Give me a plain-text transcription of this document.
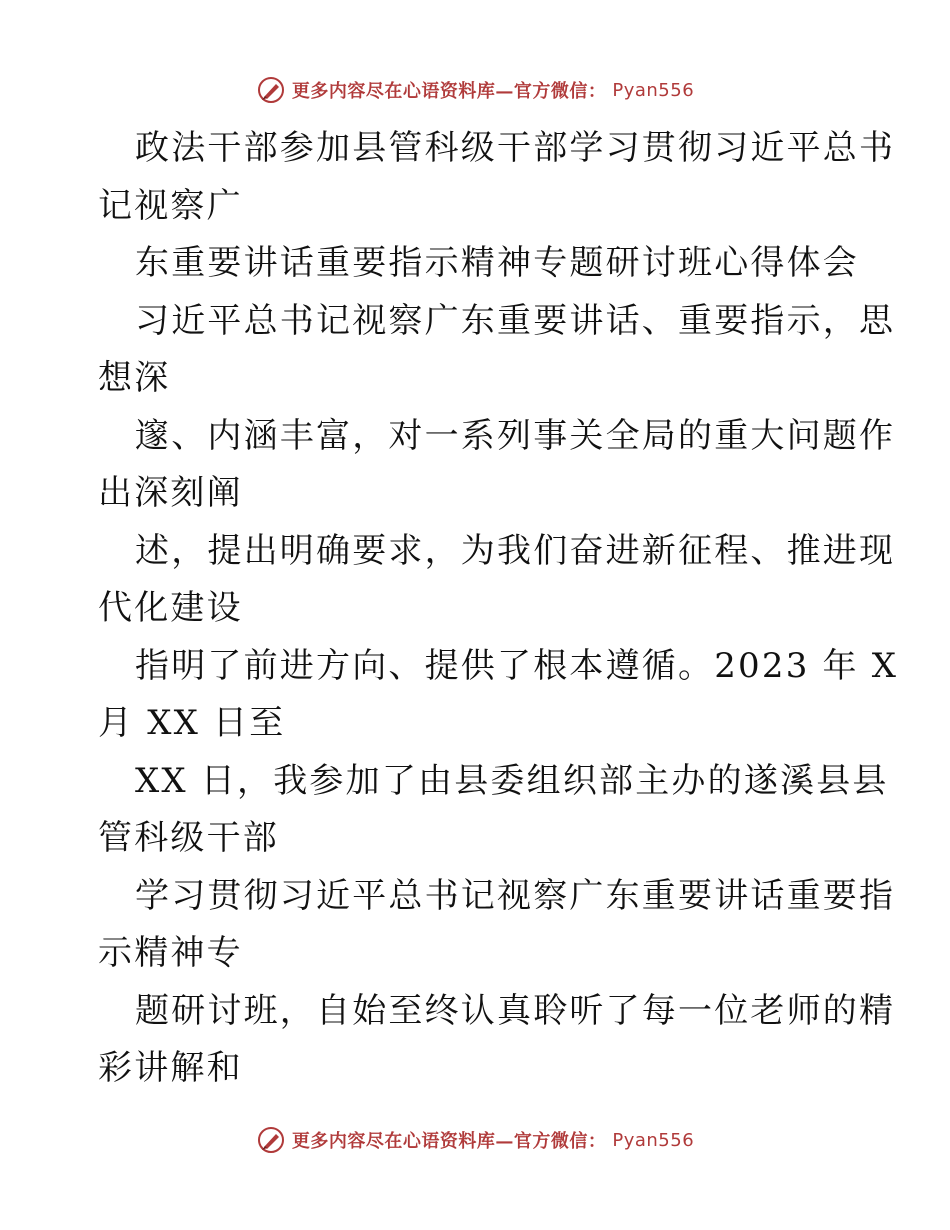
更多内容尽在心语资料库—官方微信： Pyan556
政法干部参加县管科级干部学习贯彻习近平总书
记视察广
东重要讲话重要指示精神专题研讨班心得体会
习近平总书记视察广东重要讲话、重要指示，思
想深
邃、内涵丰富，对一系列事关全局的重大问题作
出深刻阐
述，提出明确要求，为我们奋进新征程、推进现
代化建设
指明了前进方向、提供了根本遵循。2023 年 X
月 XX 日至
XX 日，我参加了由县委组织部主办的遂溪县县
管科级干部
学习贯彻习近平总书记视察广东重要讲话重要指
示精神专
题研讨班，自始至终认真聆听了每一位老师的精
彩讲解和
更多内容尽在心语资料库—官方微信： Pyan556
